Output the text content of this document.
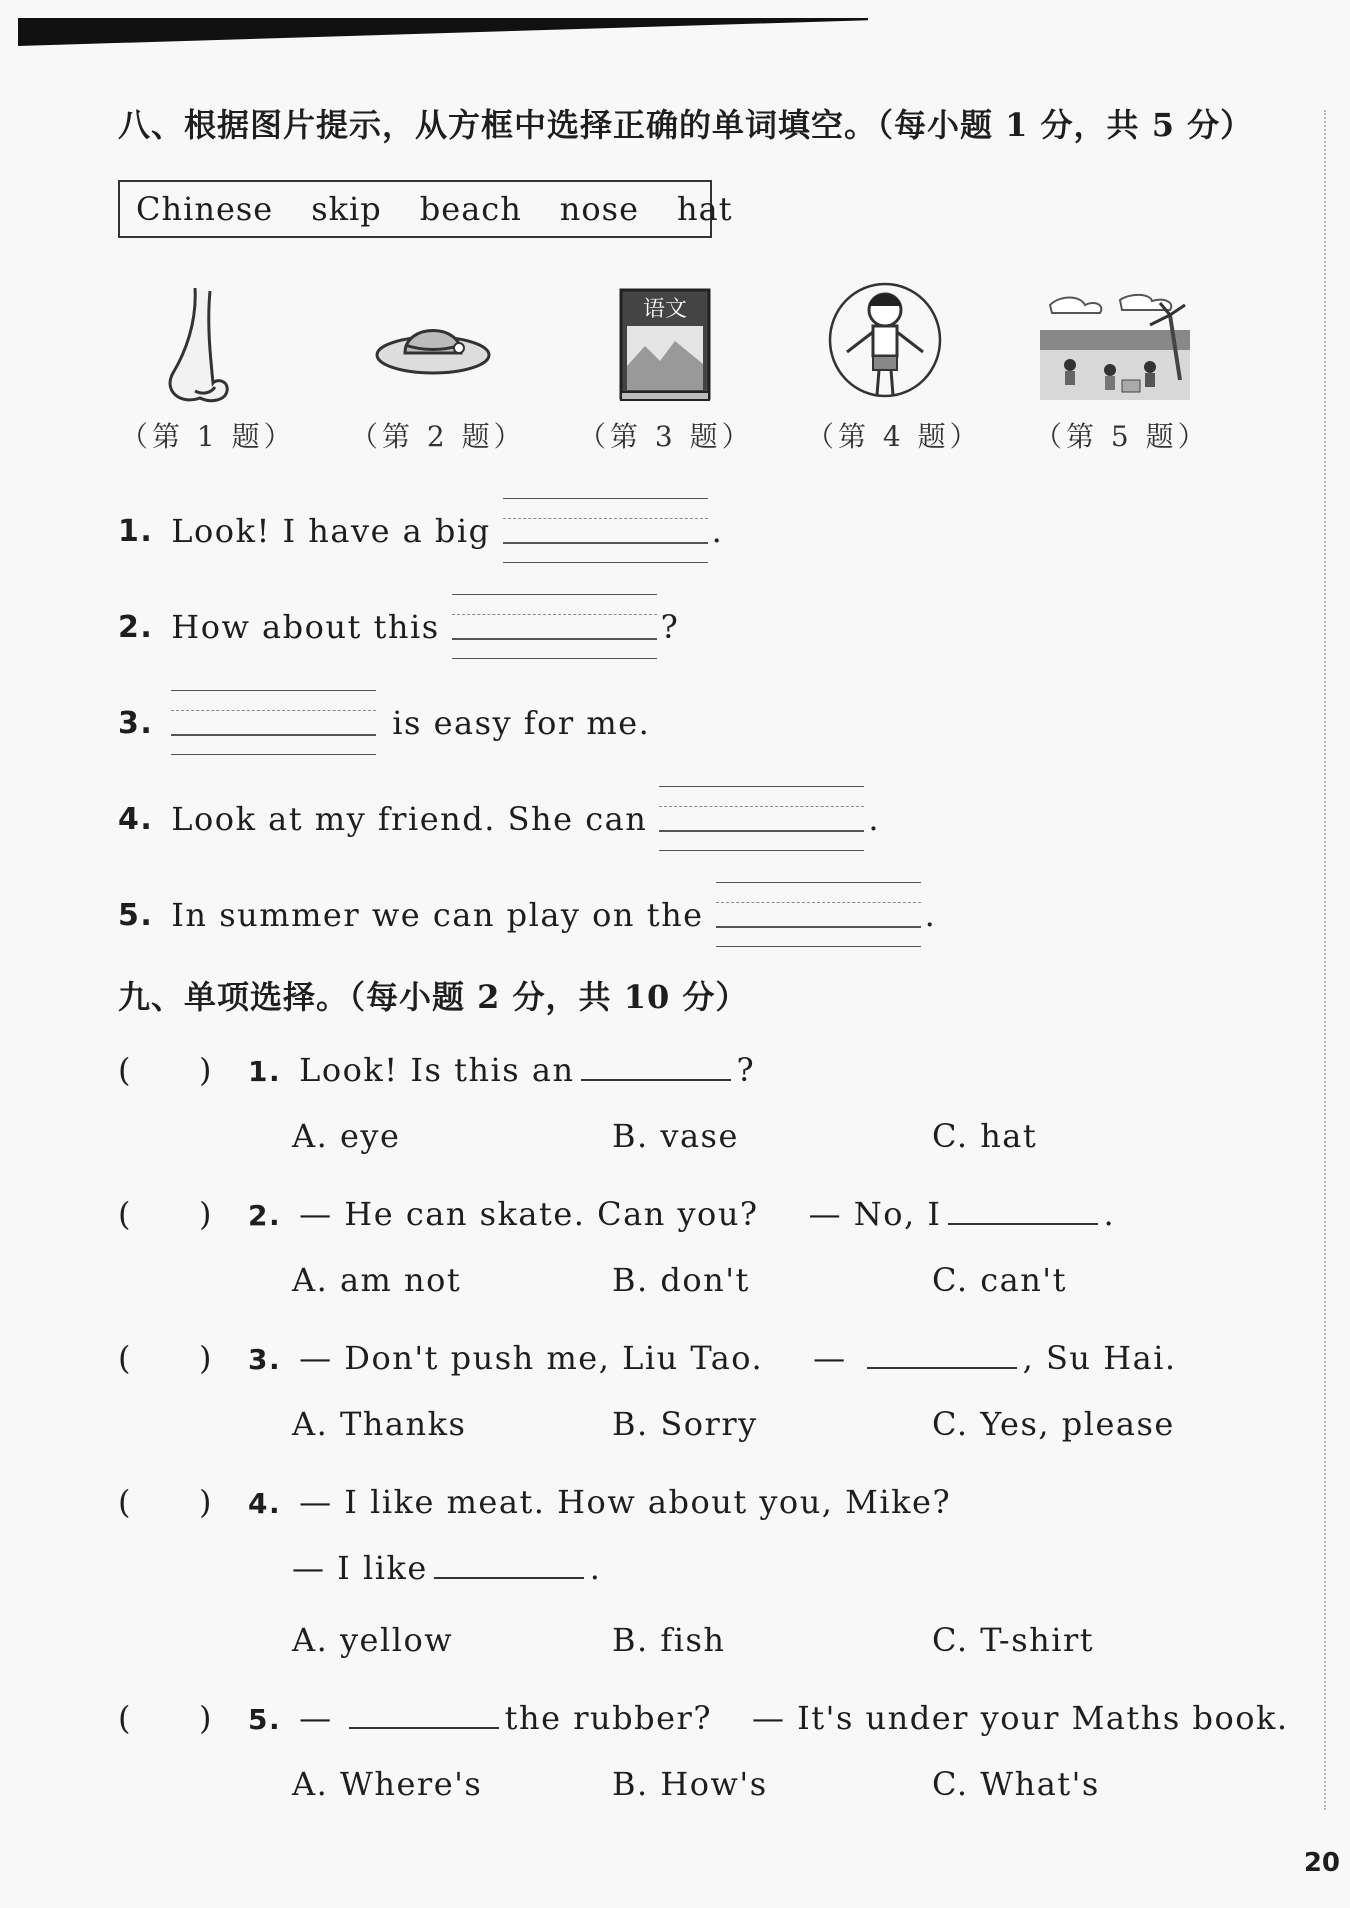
八、根据图片提示，从方框中选择正确的单词填空。（每小题 1 分，共 5 分）
Chinese skip beach nose hat
语文
（第 1 题） （第 2 题） （第 3 题） （第 4 题） （第 5 题）
1. Look! I have a big	.
2. How about this	?
3.	is easy for me.
4. Look at my friend. She can	.
5. In summer we can play on the	.
九、单项选择。（每小题 2 分，共 10 分）
(　　) 1. Look! Is this an	?
A. eye	B. vase	C. hat
(　　) 2. — He can skate. Can you? — No, I	.
A. am not	B. don't	C. can't
(　　) 3. — Don't push me, Liu Tao. —	, Su Hai.
A. Thanks	B. Sorry	C. Yes, please
(　　) 4. — I like meat. How about you, Mike?
— I like	.
A. yellow	B. fish	C. T-shirt
(　　) 5. —	the rubber? — It's under your Maths book.
A. Where's	B. How's	C. What's
20
